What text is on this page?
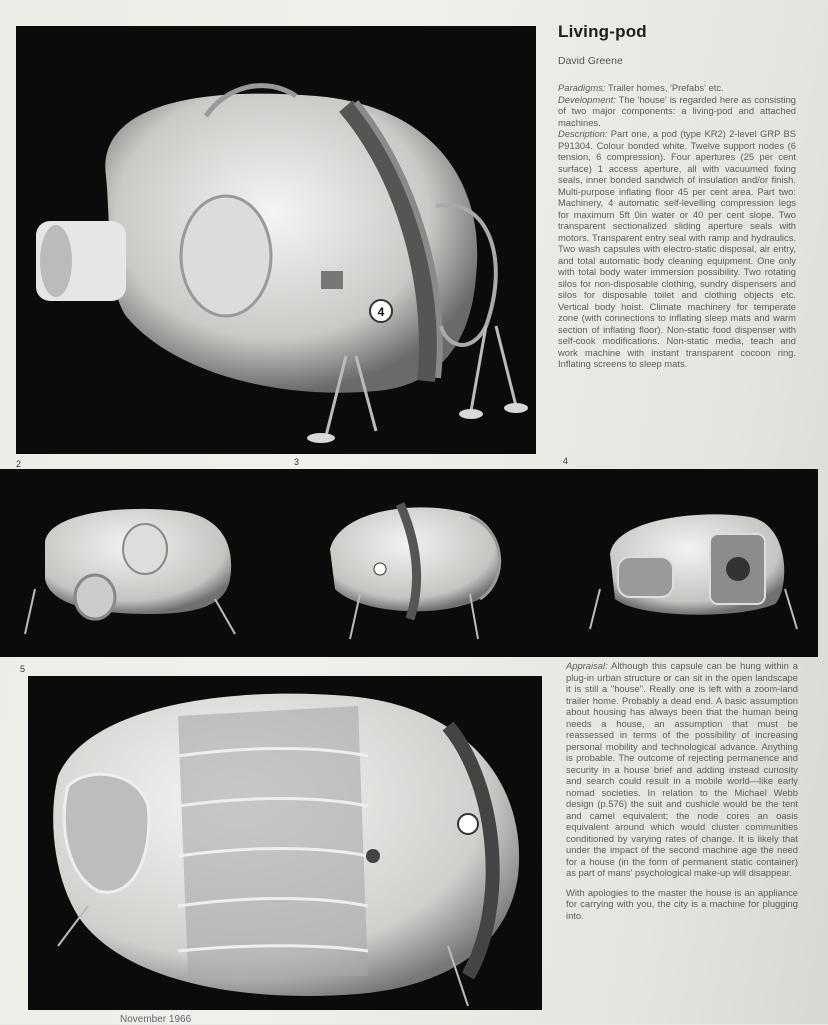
4
2	3	4
5
Living-pod
David Greene
Paradigms: Trailer homes, 'Prefabs' etc.
Development: The 'house' is regarded here as consisting of two major components: a living-pod and attached machines.
Description: Part one, a pod (type KR2) 2-level GRP BS P91304. Colour bonded white. Twelve support nodes (6 tension, 6 compression). Four apertures (25 per cent surface) 1 access aperture, all with vacuumed fixing seals, inner bonded sandwich of insulation and/or finish. Multi-purpose inflating floor 45 per cent area. Part two: Machinery, 4 automatic self-levelling compression legs for maximum 5ft 0in water or 40 per cent slope. Two transparent sectionalized sliding aperture seals with motors. Transparent entry seal with ramp and hydraulics. Two wash capsules with electro-static disposal, air entry, and total automatic body cleaning equipment. One only with total body water immersion possibility. Two rotating silos for non-disposable clothing, sundry dispensers and silos for disposable toilet and clothing objects etc. Vertical body hoist. Climate machinery for temperate zone (with connections to inflating sleep mats and warm section of inflating floor). Non-static food dispenser with self-cook modifications. Non-static media, teach and work machine with instant transparent cocoon ring. Inflating screens to sleep mats.
Appraisal: Although this capsule can be hung within a plug-in urban structure or can sit in the open landscape it is still a "house". Really one is left with a zoom-land trailer home. Probably a dead end. A basic assumption about housing has always been that the human being needs a house, an assumption that must be reassessed in terms of the possibility of increasing personal mobility and technological advance. Anything is probable. The outcome of rejecting permanence and security in a house brief and adding instead curiosity and search could result in a mobile world—like early nomad societies. In relation to the Michael Webb design (p.576) the suit and cushicle would be the tent and camel equivalent; the node cores an oasis equivalent around which would cluster communities conditioned by varying rates of change. It is likely that under the impact of the second machine age the need for a house (in the form of permanent static container) as part of mans' psychological make-up will disappear.
With apologies to the master the house is an appliance for carrying with you, the city is a machine for plugging into.
November 1966
